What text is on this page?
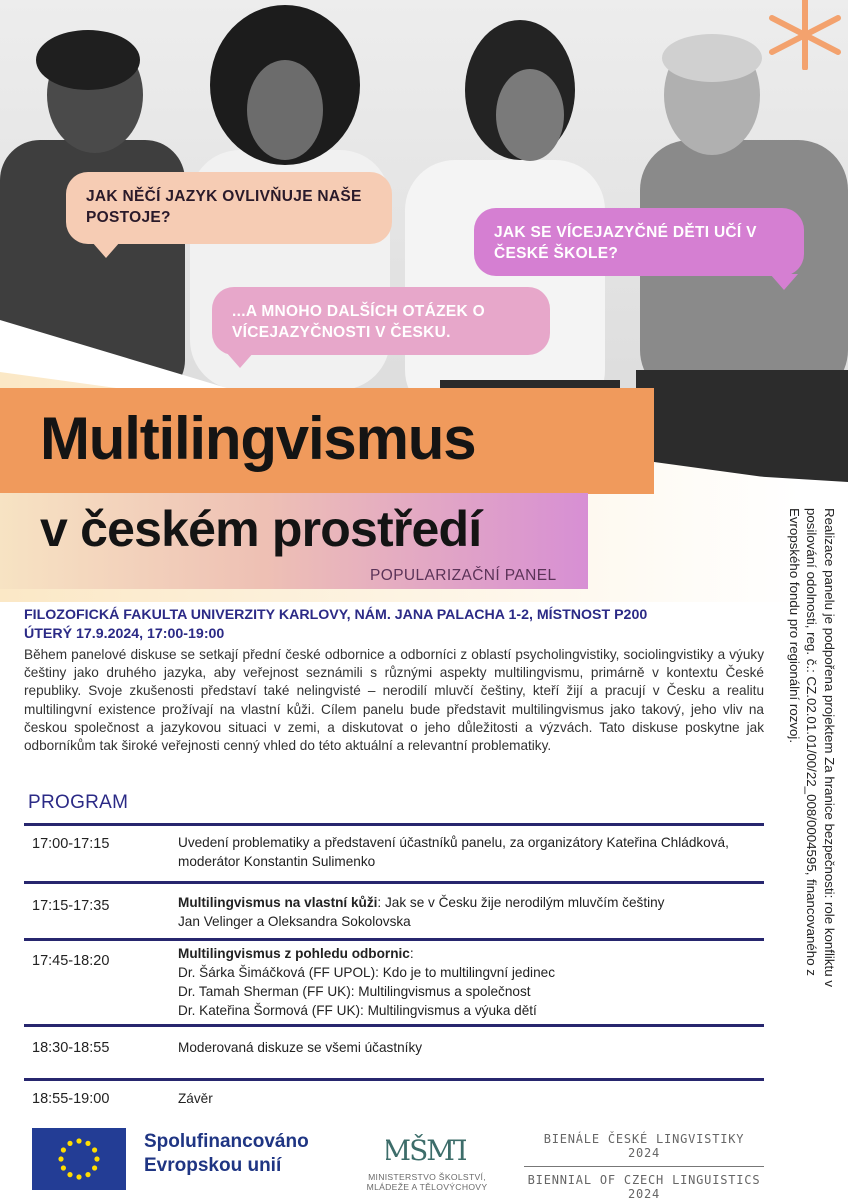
JAK NĚČÍ JAZYK OVLIVŇUJE NAŠE POSTOJE?
JAK SE VÍCEJAZYČNÉ DĚTI UČÍ V ČESKÉ ŠKOLE?
...A MNOHO DALŠÍCH OTÁZEK O VÍCEJAZYČNOSTI V ČESKU.
Multilingvismus
v českém prostředí
POPULARIZAČNÍ PANEL
FILOZOFICKÁ FAKULTA UNIVERZITY KARLOVY, NÁM. JANA PALACHA 1-2, MÍSTNOST P200
ÚTERÝ 17.9.2024, 17:00-19:00
Během panelové diskuse se setkají přední české odbornice a odborníci z oblastí psycholingvistiky, sociolingvistiky a výuky češtiny jako druhého jazyka, aby veřejnost seznámili s různými aspekty multilingvismu, primárně v kontextu České republiky. Svoje zkušenosti představí také nelingvisté – nerodilí mluvčí češtiny, kteří žijí a pracují v Česku a realitu multilingvní existence prožívají na vlastní kůži. Cílem panelu bude představit multilingvismus jako takový, jeho vliv na českou společnost a jazykovou situaci v zemi, a diskutovat o jeho důležitosti a výzvách. Tato diskuse poskytne jak odborníkům tak široké veřejnosti cenný vhled do této aktuální a relevantní problematiky.
PROGRAM
17:00-17:15	Uvedení problematiky a představení účastníků panelu, za organizátory Kateřina Chládková,
moderátor Konstantin Sulimenko
17:15-17:35	Multilingvismus na vlastní kůži: Jak se v Česku žije nerodilým mluvčím češtiny
Jan Velinger a Oleksandra Sokolovska
17:45-18:20	Multilingvismus z pohledu odbornic:
Dr. Šárka Šimáčková (FF UPOL): Kdo je to multilingvní jedinec
Dr. Tamah Sherman (FF UK): Multilingvismus a společnost
Dr. Kateřina Šormová (FF UK): Multilingvismus a výuka dětí
18:30-18:55	Moderovaná diskuze se všemi účastníky
18:55-19:00	Závěr
Realizace panelu je podpořena projektem Za hranice bezpečnosti: role konfliktu v posilování odolnosti, reg. č.: CZ.02.01.01/00/22_008/0004595, financovaného z Evropského fondu pro regionální rozvoj.
Spolufinancováno
Evropskou unií	MŠMT
MINISTERSTVO ŠKOLSTVÍ,
MLÁDEŽE A TĚLOVÝCHOVY
BIENÁLE ČESKÉ LINGVISTIKY 2024
BIENNIAL OF CZECH LINGUISTICS 2024
